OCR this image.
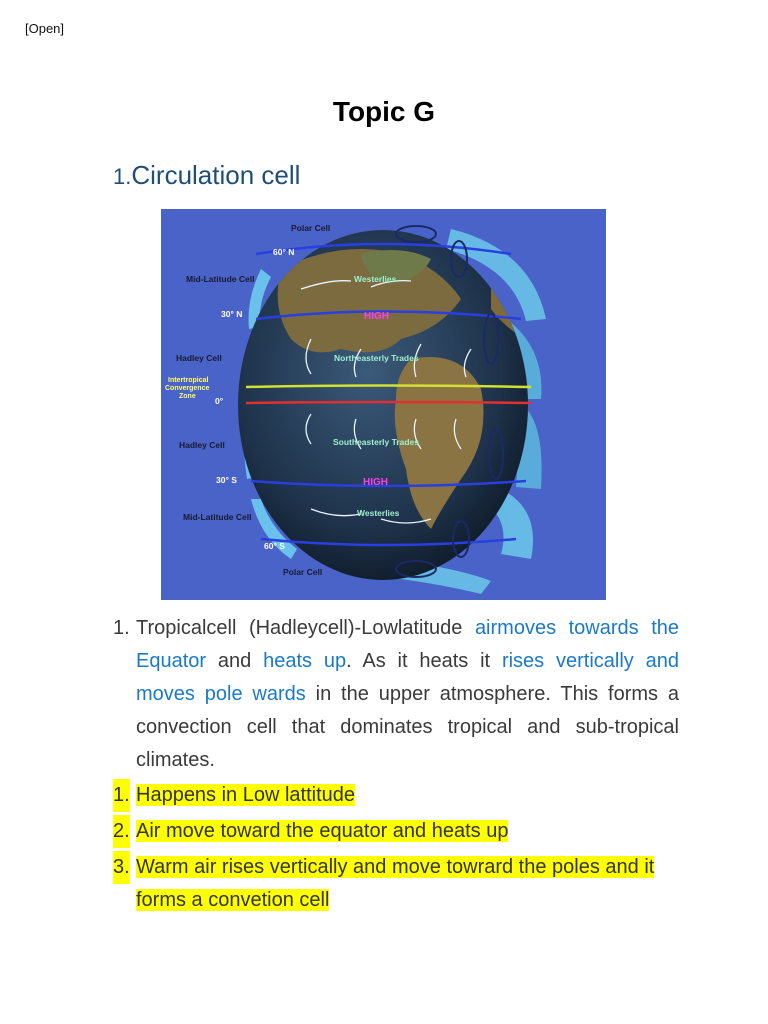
[Open]
Topic G
1.Circulation cell
Polar Cell
60° N
Mid-Latitude Cell	Westerlies
30° N	HIGH
Hadley Cell	Northeasterly Trades
Intertropical
Convergence
Zone 0°
Hadley Cell	Southeasterly Trades
30° S	HIGH
Mid-Latitude Cell	Westerlies
60° S
Polar Cell
1. Tropicalcell (Hadleycell)-Lowlatitude airmoves towards the Equator and heats up. As it heats it rises vertically and moves pole wards in the upper atmosphere. This forms a convection cell that dominates tropical and sub-tropical climates.
1. Happens in Low lattitude
2. Air move toward the equator and heats up
3. Warm air rises vertically and move towrard the poles and it forms a convetion cell
